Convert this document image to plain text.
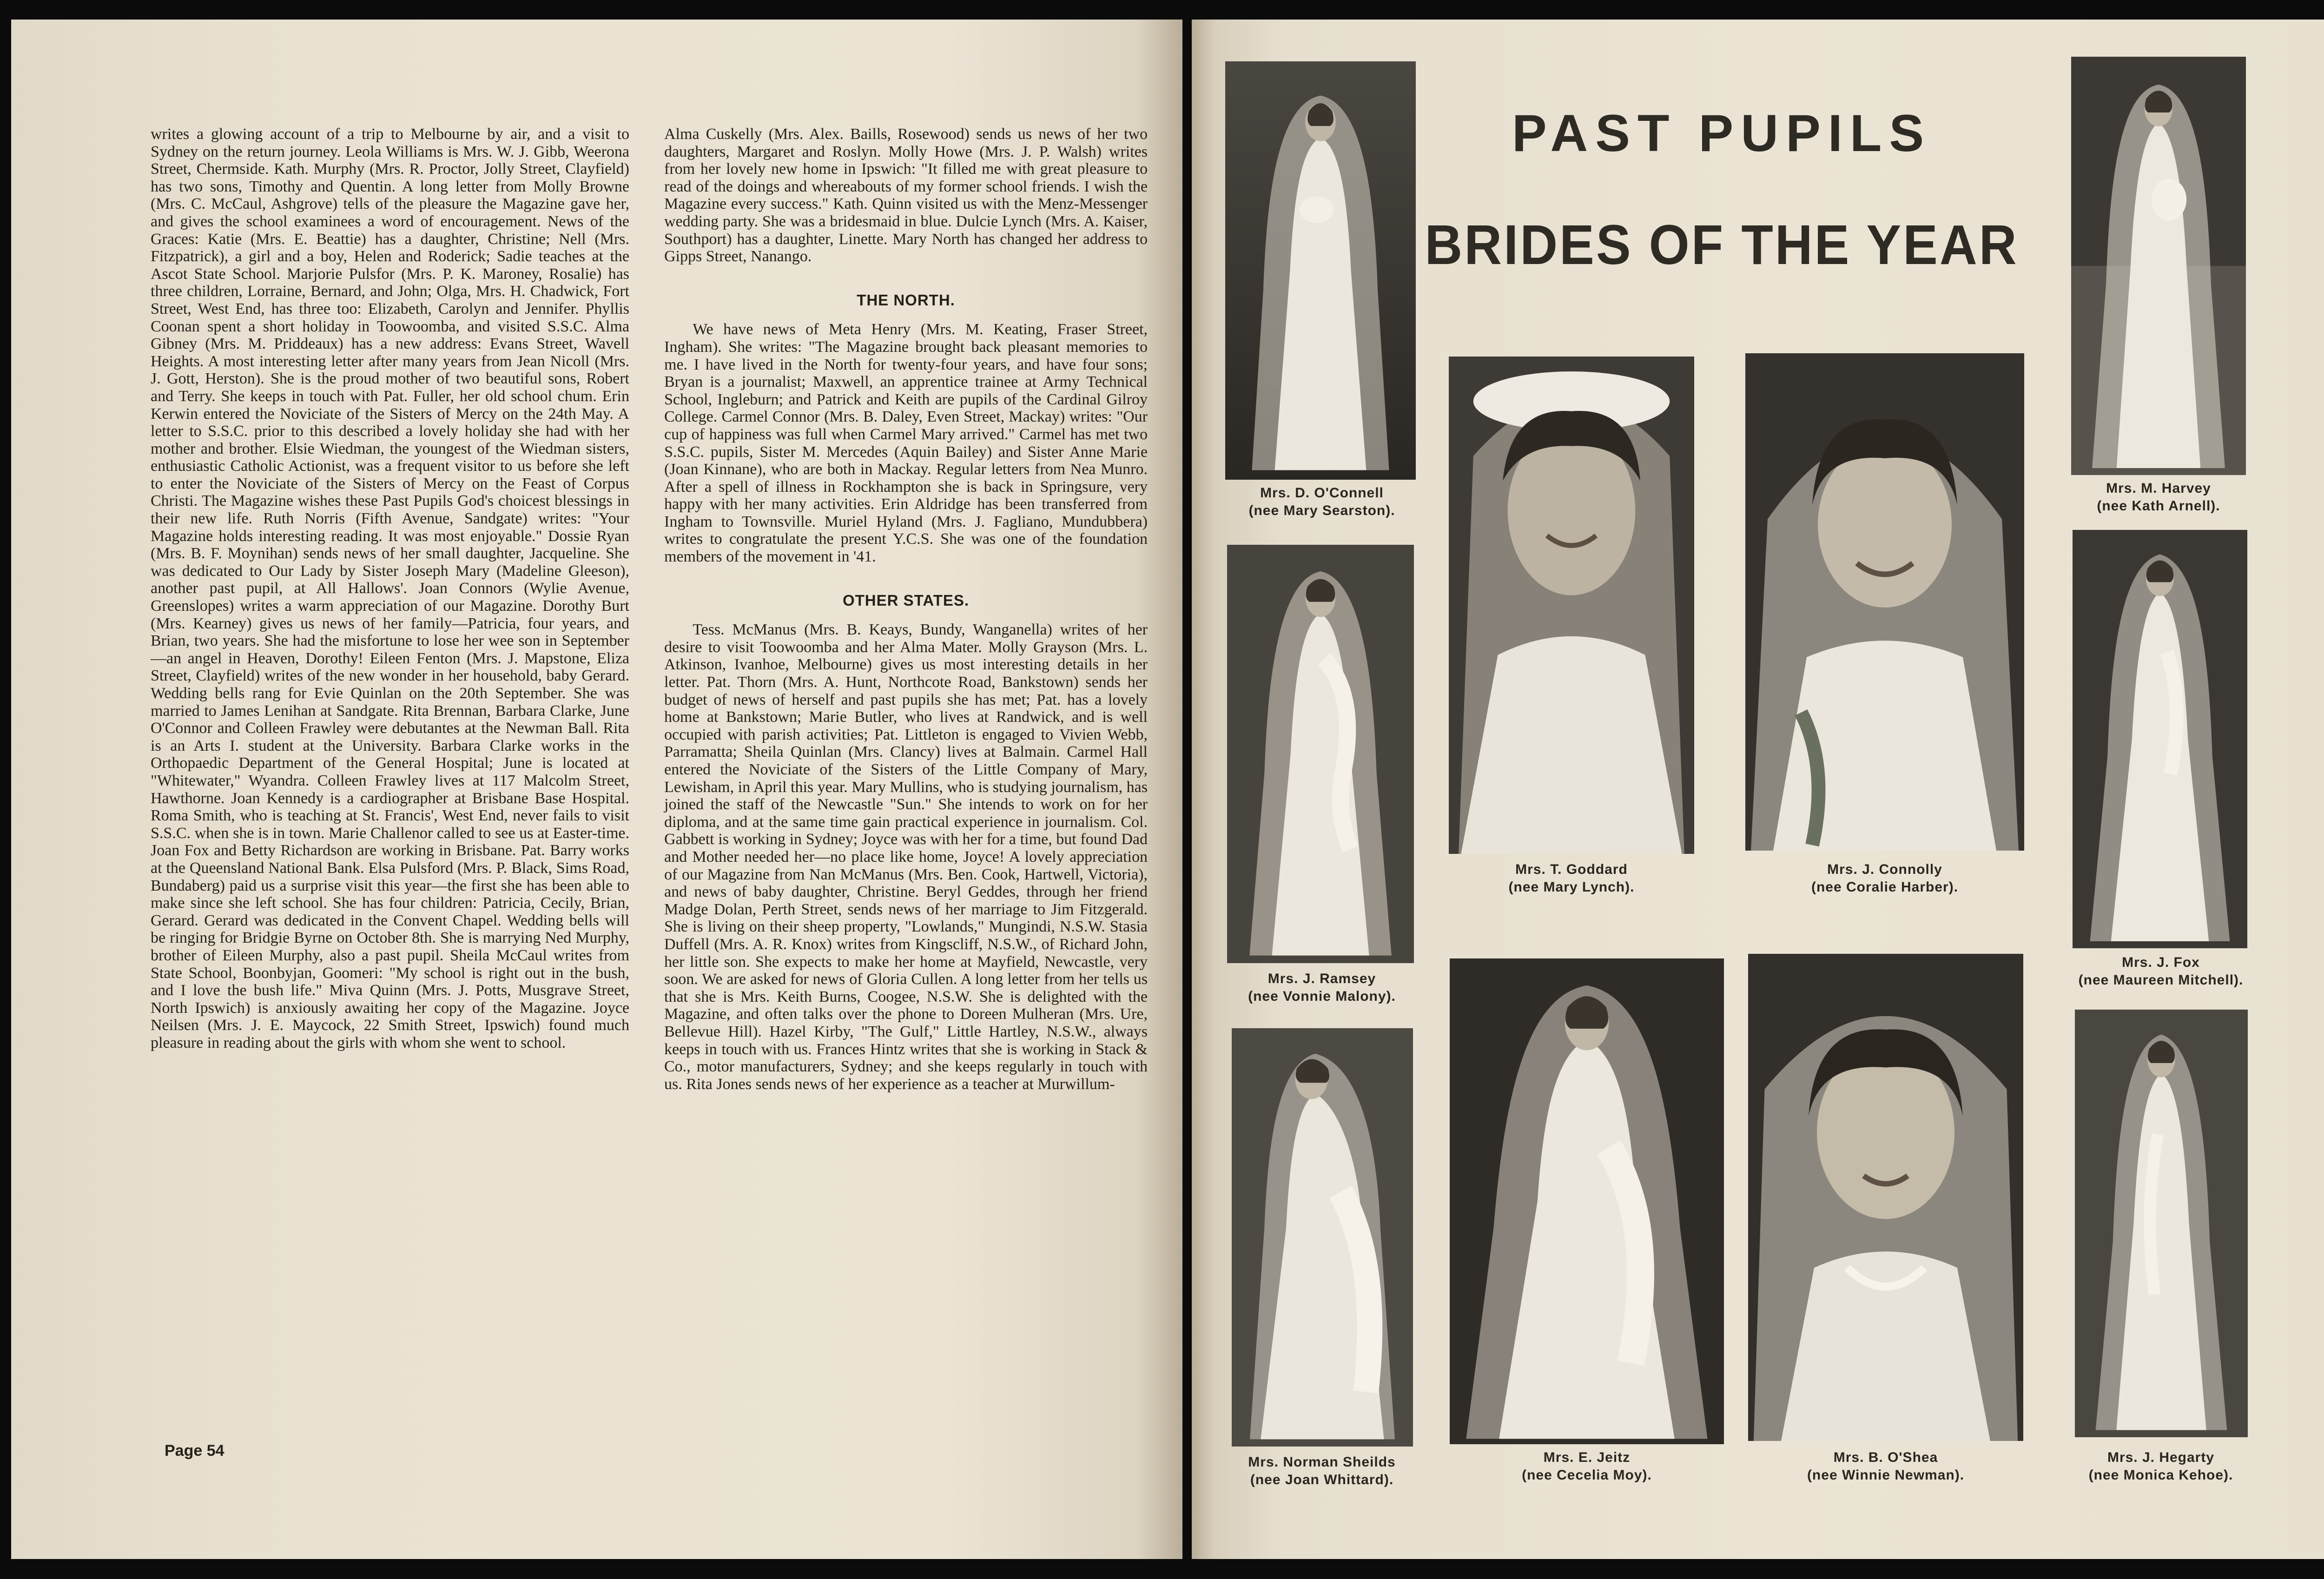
writes a glowing account of a trip to Melbourne by air, and a visit to Sydney on the return journey. Leola Williams is Mrs. W. J. Gibb, Weerona Street, Chermside. Kath. Murphy (Mrs. R. Proctor, Jolly Street, Clayfield) has two sons, Timothy and Quentin. A long letter from Molly Browne (Mrs. C. McCaul, Ashgrove) tells of the pleasure the Magazine gave her, and gives the school examinees a word of encouragement. News of the Graces: Katie (Mrs. E. Beattie) has a daughter, Christine; Nell (Mrs. Fitzpatrick), a girl and a boy, Helen and Roderick; Sadie teaches at the Ascot State School. Marjorie Pulsfor (Mrs. P. K. Maroney, Rosalie) has three children, Lorraine, Bernard, and John; Olga, Mrs. H. Chadwick, Fort Street, West End, has three too: Elizabeth, Carolyn and Jennifer. Phyllis Coonan spent a short holiday in Toowoomba, and visited S.S.C. Alma Gibney (Mrs. M. Priddeaux) has a new address: Evans Street, Wavell Heights. A most interesting letter after many years from Jean Nicoll (Mrs. J. Gott, Herston). She is the proud mother of two beautiful sons, Robert and Terry. She keeps in touch with Pat. Fuller, her old school chum. Erin Kerwin entered the Noviciate of the Sisters of Mercy on the 24th May. A letter to S.S.C. prior to this described a lovely holiday she had with her mother and brother. Elsie Wiedman, the youngest of the Wiedman sisters, enthusiastic Catholic Actionist, was a frequent visitor to us before she left to enter the Noviciate of the Sisters of Mercy on the Feast of Corpus Christi. The Magazine wishes these Past Pupils God's choicest blessings in their new life. Ruth Norris (Fifth Avenue, Sandgate) writes: "Your Magazine holds interesting reading. It was most enjoyable." Dossie Ryan (Mrs. B. F. Moynihan) sends news of her small daughter, Jacqueline. She was dedicated to Our Lady by Sister Joseph Mary (Madeline Gleeson), another past pupil, at All Hallows'. Joan Connors (Wylie Avenue, Greenslopes) writes a warm appreciation of our Magazine. Dorothy Burt (Mrs. Kearney) gives us news of her family—Patricia, four years, and Brian, two years. She had the misfortune to lose her wee son in September—an angel in Heaven, Dorothy! Eileen Fenton (Mrs. J. Mapstone, Eliza Street, Clayfield) writes of the new wonder in her household, baby Gerard. Wedding bells rang for Evie Quinlan on the 20th September. She was married to James Lenihan at Sandgate. Rita Brennan, Barbara Clarke, June O'Connor and Colleen Frawley were debutantes at the Newman Ball. Rita is an Arts I. student at the University. Barbara Clarke works in the Orthopaedic Department of the General Hospital; June is located at "Whitewater," Wyandra. Colleen Frawley lives at 117 Malcolm Street, Hawthorne. Joan Kennedy is a cardiographer at Brisbane Base Hospital. Roma Smith, who is teaching at St. Francis', West End, never fails to visit S.S.C. when she is in town. Marie Challenor called to see us at Easter-time. Joan Fox and Betty Richardson are working in Brisbane. Pat. Barry works at the Queensland National Bank. Elsa Pulsford (Mrs. P. Black, Sims Road, Bundaberg) paid us a surprise visit this year—the first she has been able to make since she left school. She has four children: Patricia, Cecily, Brian, Gerard. Gerard was dedicated in the Convent Chapel. Wedding bells will be ringing for Bridgie Byrne on October 8th. She is marrying Ned Murphy, brother of Eileen Murphy, also a past pupil. Sheila McCaul writes from State School, Boonbyjan, Goomeri: "My school is right out in the bush, and I love the bush life." Miva Quinn (Mrs. J. Potts, Musgrave Street, North Ipswich) is anxiously awaiting her copy of the Magazine. Joyce Neilsen (Mrs. J. E. Maycock, 22 Smith Street, Ipswich) found much pleasure in reading about the girls with whom she went to school.

Alma Cuskelly (Mrs. Alex. Baills, Rosewood) sends us news of her two daughters, Margaret and Roslyn. Molly Howe (Mrs. J. P. Walsh) writes from her lovely new home in Ipswich: "It filled me with great pleasure to read of the doings and whereabouts of my former school friends. I wish the Magazine every success." Kath. Quinn visited us with the Menz-Messenger wedding party. She was a bridesmaid in blue. Dulcie Lynch (Mrs. A. Kaiser, Southport) has a daughter, Linette. Mary North has changed her address to Gipps Street, Nanango.

THE NORTH.

We have news of Meta Henry (Mrs. M. Keating, Fraser Street, Ingham). She writes: "The Magazine brought back pleasant memories to me. I have lived in the North for twenty-four years, and have four sons; Bryan is a journalist; Maxwell, an apprentice trainee at Army Technical School, Ingleburn; and Patrick and Keith are pupils of the Cardinal Gilroy College. Carmel Connor (Mrs. B. Daley, Even Street, Mackay) writes: "Our cup of happiness was full when Carmel Mary arrived." Carmel has met two S.S.C. pupils, Sister M. Mercedes (Aquin Bailey) and Sister Anne Marie (Joan Kinnane), who are both in Mackay. Regular letters from Nea Munro. After a spell of illness in Rockhampton she is back in Springsure, very happy with her many activities. Erin Aldridge has been transferred from Ingham to Townsville. Muriel Hyland (Mrs. J. Fagliano, Mundubbera) writes to congratulate the present Y.C.S. She was one of the foundation members of the movement in '41.

OTHER STATES.

Tess. McManus (Mrs. B. Keays, Bundy, Wanganella) writes of her desire to visit Toowoomba and her Alma Mater. Molly Grayson (Mrs. L. Atkinson, Ivanhoe, Melbourne) gives us most interesting details in her letter. Pat. Thorn (Mrs. A. Hunt, Northcote Road, Bankstown) sends her budget of news of herself and past pupils she has met; Pat. has a lovely home at Bankstown; Marie Butler, who lives at Randwick, and is well occupied with parish activities; Pat. Littleton is engaged to Vivien Webb, Parramatta; Sheila Quinlan (Mrs. Clancy) lives at Balmain. Carmel Hall entered the Noviciate of the Sisters of the Little Company of Mary, Lewisham, in April this year. Mary Mullins, who is studying journalism, has joined the staff of the Newcastle "Sun." She intends to work on for her diploma, and at the same time gain practical experience in journalism. Col. Gabbett is working in Sydney; Joyce was with her for a time, but found Dad and Mother needed her—no place like home, Joyce! A lovely appreciation of our Magazine from Nan McManus (Mrs. Ben. Cook, Hartwell, Victoria), and news of baby daughter, Christine. Beryl Geddes, through her friend Madge Dolan, Perth Street, sends news of her marriage to Jim Fitzgerald. She is living on their sheep property, "Lowlands," Mungindi, N.S.W. Stasia Duffell (Mrs. A. R. Knox) writes from Kingscliff, N.S.W., of Richard John, her little son. She expects to make her home at Mayfield, Newcastle, very soon. We are asked for news of Gloria Cullen. A long letter from her tells us that she is Mrs. Keith Burns, Coogee, N.S.W. She is delighted with the Magazine, and often talks over the phone to Doreen Mulheran (Mrs. Ure, Bellevue Hill). Hazel Kirby, "The Gulf," Little Hartley, N.S.W., always keeps in touch with us. Frances Hintz writes that she is working in Stack & Co., motor manufacturers, Sydney; and she keeps regularly in touch with us. Rita Jones sends news of her experience as a teacher at Murwillum-

Page 54
PAST PUPILS
BRIDES OF THE YEAR
Mrs. D. O'Connell
(nee Mary Searston).
Mrs. M. Harvey
(nee Kath Arnell).
Mrs. T. Goddard
(nee Mary Lynch).
Mrs. J. Connolly
(nee Coralie Harber).
Mrs. J. Ramsey
(nee Vonnie Malony).
Mrs. J. Fox
(nee Maureen Mitchell).
Mrs. Norman Sheilds
(nee Joan Whittard).
Mrs. E. Jeitz
(nee Cecelia Moy).
Mrs. B. O'Shea
(nee Winnie Newman).
Mrs. J. Hegarty
(nee Monica Kehoe).
